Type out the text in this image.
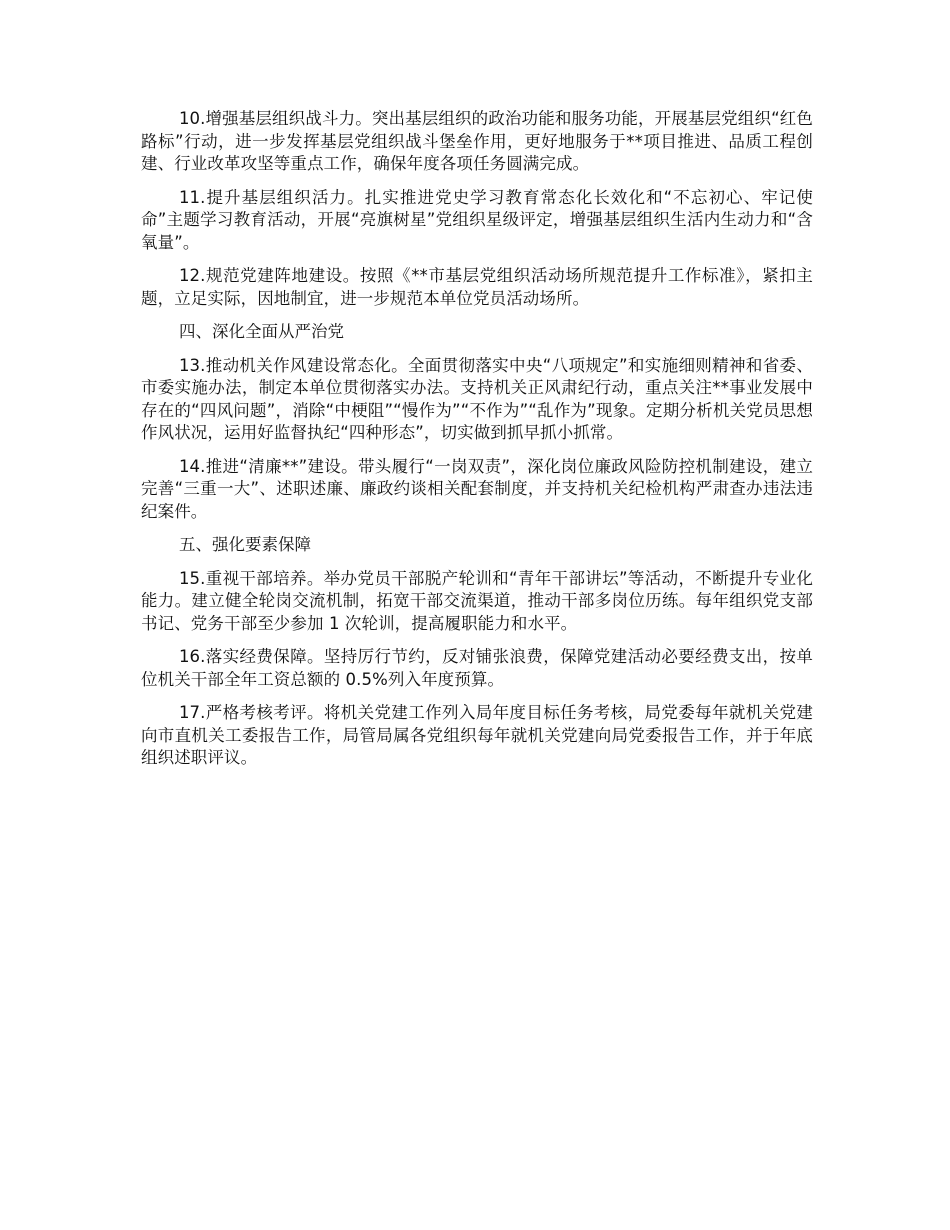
10.增强基层组织战斗力。突出基层组织的政治功能和服务功能，开展基层党组织“红色路标”行动，进一步发挥基层党组织战斗堡垒作用，更好地服务于**项目推进、品质工程创建、行业改革攻坚等重点工作，确保年度各项任务圆满完成。

11.提升基层组织活力。扎实推进党史学习教育常态化长效化和“不忘初心、牢记使命”主题学习教育活动，开展“亮旗树星”党组织星级评定，增强基层组织生活内生动力和“含氧量”。

12.规范党建阵地建设。按照《**市基层党组织活动场所规范提升工作标准》，紧扣主题，立足实际，因地制宜，进一步规范本单位党员活动场所。

四、深化全面从严治党

13.推动机关作风建设常态化。全面贯彻落实中央“八项规定”和实施细则精神和省委、市委实施办法，制定本单位贯彻落实办法。支持机关正风肃纪行动，重点关注**事业发展中存在的“四风问题”，消除“中梗阻”“慢作为”“不作为”“乱作为”现象。定期分析机关党员思想作风状况，运用好监督执纪“四种形态”，切实做到抓早抓小抓常。

14.推进“清廉**”建设。带头履行“一岗双责”，深化岗位廉政风险防控机制建设，建立完善“三重一大”、述职述廉、廉政约谈相关配套制度，并支持机关纪检机构严肃查办违法违纪案件。

五、强化要素保障

15.重视干部培养。举办党员干部脱产轮训和“青年干部讲坛”等活动，不断提升专业化能力。建立健全轮岗交流机制，拓宽干部交流渠道，推动干部多岗位历练。每年组织党支部书记、党务干部至少参加 1 次轮训，提高履职能力和水平。

16.落实经费保障。坚持厉行节约，反对铺张浪费，保障党建活动必要经费支出，按单位机关干部全年工资总额的 0.5%列入年度预算。

17.严格考核考评。将机关党建工作列入局年度目标任务考核，局党委每年就机关党建向市直机关工委报告工作，局管局属各党组织每年就机关党建向局党委报告工作，并于年底组织述职评议。
